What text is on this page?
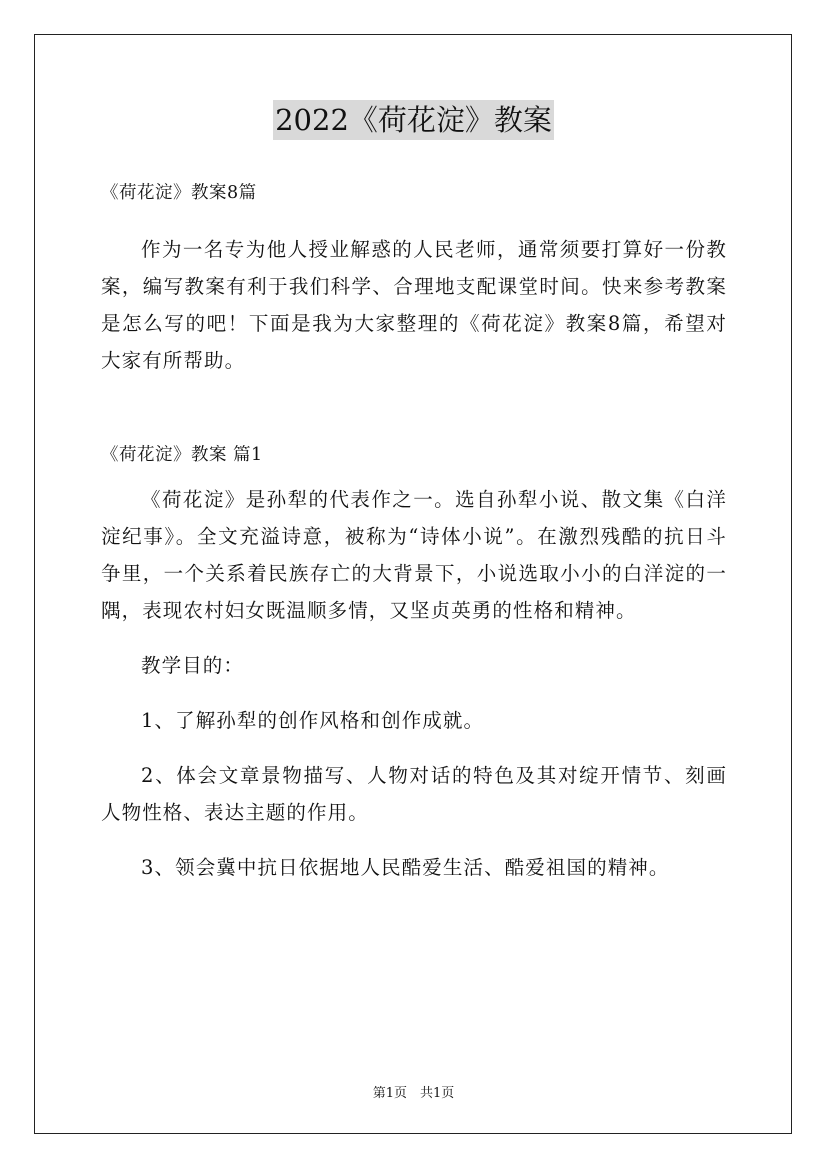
2022《荷花淀》教案

《荷花淀》教案8篇

作为一名专为他人授业解惑的人民老师，通常须要打算好一份教案，编写教案有利于我们科学、合理地支配课堂时间。快来参考教案是怎么写的吧！下面是我为大家整理的《荷花淀》教案8篇，希望对大家有所帮助。

《荷花淀》教案 篇1

《荷花淀》是孙犁的代表作之一。选自孙犁小说、散文集《白洋淀纪事》。全文充溢诗意，被称为“诗体小说”。在激烈残酷的抗日斗争里，一个关系着民族存亡的大背景下，小说选取小小的白洋淀的一隅，表现农村妇女既温顺多情，又坚贞英勇的性格和精神。

教学目的：

1、了解孙犁的创作风格和创作成就。

2、体会文章景物描写、人物对话的特色及其对绽开情节、刻画人物性格、表达主题的作用。

3、领会冀中抗日依据地人民酷爱生活、酷爱祖国的精神。

第1页　共1页
